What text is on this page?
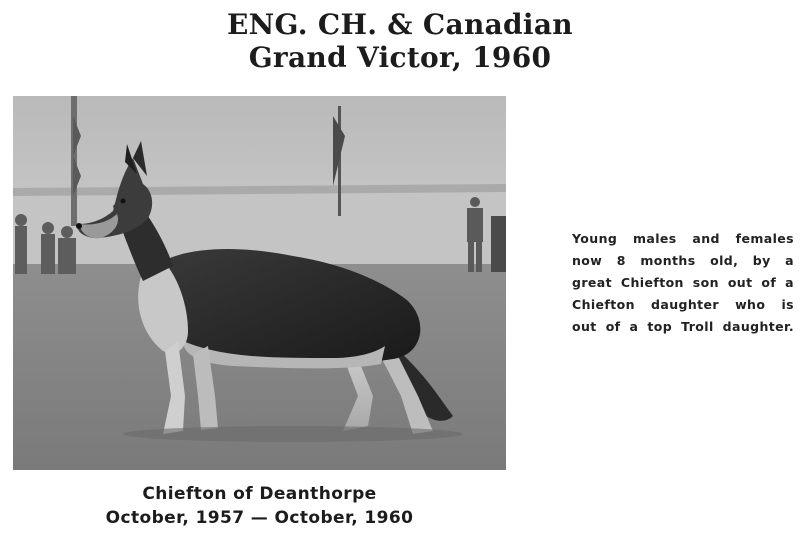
ENG. CH. & Canadian
Grand Victor, 1960
Young males and females
now 8 months old, by a
great Chiefton son out of a
Chiefton daughter who is
out of a top Troll daughter.
Chiefton of Deanthorpe
October, 1957 — October, 1960
